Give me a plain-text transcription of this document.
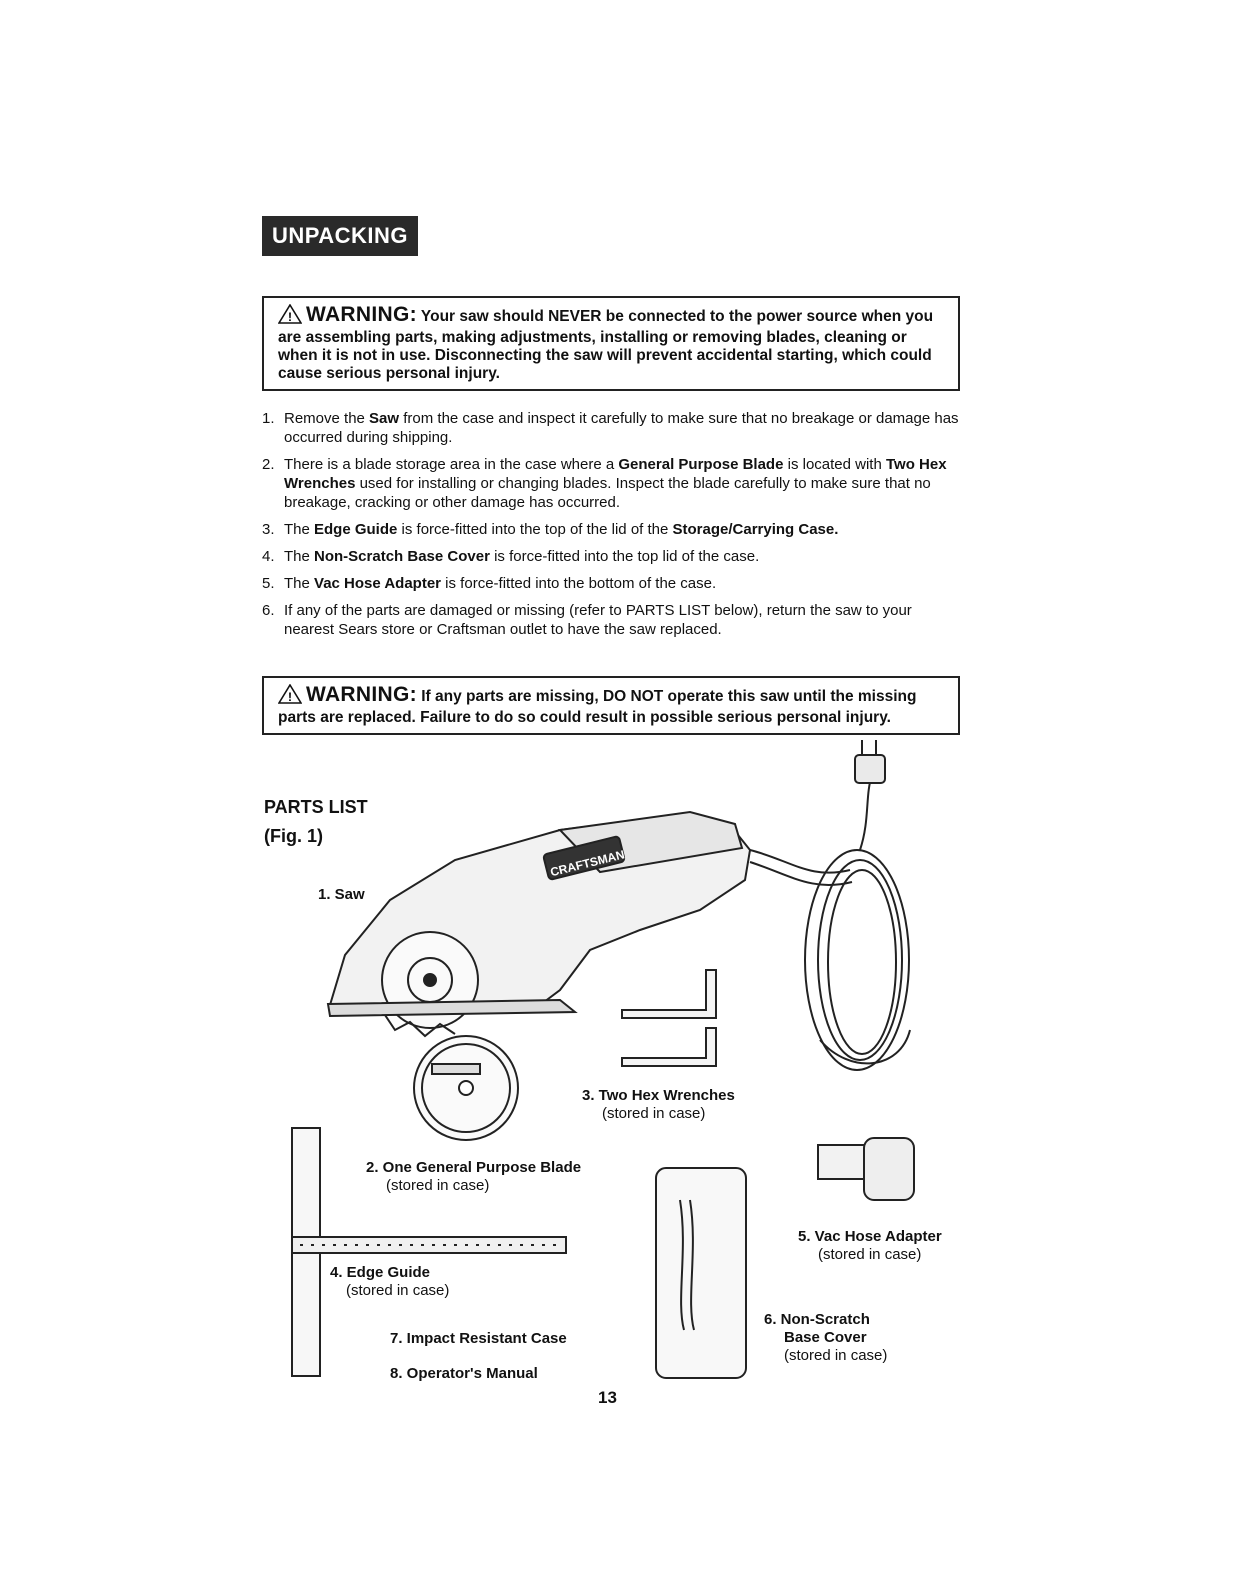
UNPACKING
! WARNING: Your saw should NEVER be connected to the power source when you are assembling parts, making adjustments, installing or removing blades, cleaning or when it is not in use. Disconnecting the saw will prevent accidental starting, which could cause serious personal injury.
1. Remove the Saw from the case and inspect it carefully to make sure that no breakage or damage has occurred during shipping.
2. There is a blade storage area in the case where a General Purpose Blade is located with Two Hex Wrenches used for installing or changing blades. Inspect the blade carefully to make sure that no breakage, cracking or other damage has occurred.
3. The Edge Guide is force-fitted into the top of the lid of the Storage/Carrying Case.
4. The Non-Scratch Base Cover is force-fitted into the top lid of the case.
5. The Vac Hose Adapter is force-fitted into the bottom of the case.
6. If any of the parts are damaged or missing (refer to PARTS LIST below), return the saw to your nearest Sears store or Craftsman outlet to have the saw replaced.
! WARNING: If any parts are missing, DO NOT operate this saw until the missing parts are replaced. Failure to do so could result in possible serious personal injury.
PARTS LIST
(Fig. 1)
CRAFTSMAN
1. Saw
3. Two Hex Wrenches
(stored in case)
2. One General Purpose Blade
(stored in case)
4. Edge Guide
(stored in case)
5. Vac Hose Adapter
(stored in case)
6. Non-Scratch
Base Cover
(stored in case)
7. Impact Resistant Case
8. Operator's Manual
13
